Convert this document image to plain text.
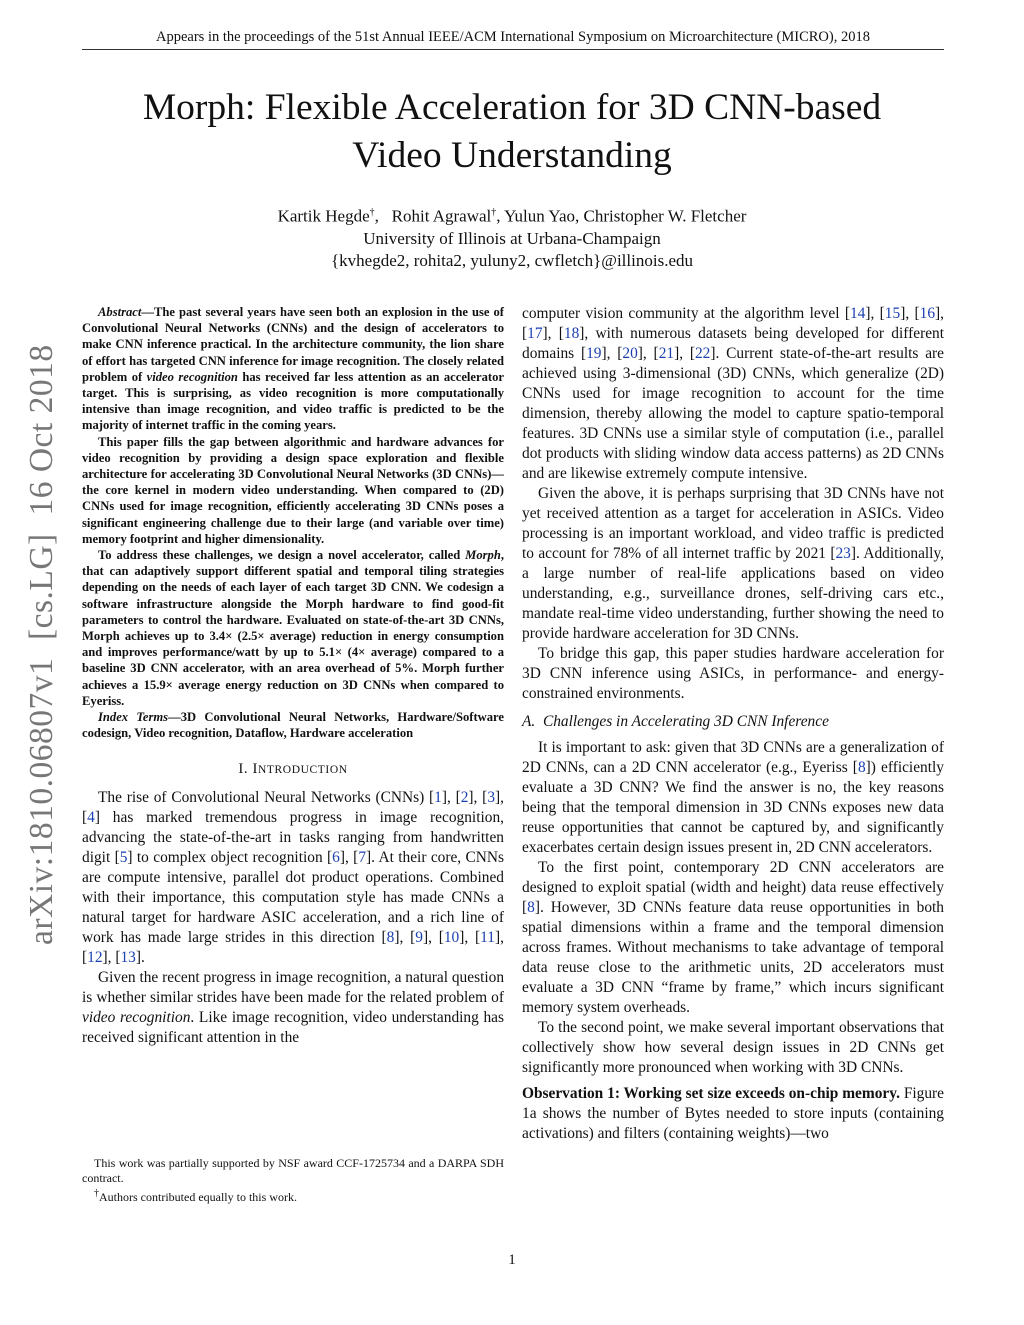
Appears in the proceedings of the 51st Annual IEEE/ACM International Symposium on Microarchitecture (MICRO), 2018
Morph: Flexible Acceleration for 3D CNN-based
Video Understanding
Kartik Hegde†,   Rohit Agrawal†, Yulun Yao, Christopher W. Fletcher
University of Illinois at Urbana-Champaign
{kvhegde2, rohita2, yuluny2, cwfletch}@illinois.edu
arXiv:1810.06807v1  [cs.LG]  16 Oct 2018

Abstract—The past several years have seen both an explosion in the use of Convolutional Neural Networks (CNNs) and the design of accelerators to make CNN inference practical. In the architecture community, the lion share of effort has targeted CNN inference for image recognition. The closely related problem of video recognition has received far less attention as an accelerator target. This is surprising, as video recognition is more computationally intensive than image recognition, and video traffic is predicted to be the majority of internet traffic in the coming years.

This paper fills the gap between algorithmic and hardware advances for video recognition by providing a design space exploration and flexible architecture for accelerating 3D Convolutional Neural Networks (3D CNNs)—the core kernel in modern video understanding. When compared to (2D) CNNs used for image recognition, efficiently accelerating 3D CNNs poses a significant engineering challenge due to their large (and variable over time) memory footprint and higher dimensionality.

To address these challenges, we design a novel accelerator, called Morph, that can adaptively support different spatial and temporal tiling strategies depending on the needs of each layer of each target 3D CNN. We codesign a software infrastructure alongside the Morph hardware to find good-fit parameters to control the hardware. Evaluated on state-of-the-art 3D CNNs, Morph achieves up to 3.4× (2.5× average) reduction in energy consumption and improves performance/watt by up to 5.1× (4× average) compared to a baseline 3D CNN accelerator, with an area overhead of 5%. Morph further achieves a 15.9× average energy reduction on 3D CNNs when compared to Eyeriss.

Index Terms—3D Convolutional Neural Networks, Hardware/Software codesign, Video recognition, Dataflow, Hardware acceleration

I. INTRODUCTION

The rise of Convolutional Neural Networks (CNNs) [1], [2], [3], [4] has marked tremendous progress in image recognition, advancing the state-of-the-art in tasks ranging from handwritten digit [5] to complex object recognition [6], [7]. At their core, CNNs are compute intensive, parallel dot product operations. Combined with their importance, this computation style has made CNNs a natural target for hardware ASIC acceleration, and a rich line of work has made large strides in this direction [8], [9], [10], [11], [12], [13].

Given the recent progress in image recognition, a natural question is whether similar strides have been made for the related problem of video recognition. Like image recognition, video understanding has received significant attention in the

This work was partially supported by NSF award CCF-1725734 and a DARPA SDH contract.

†Authors contributed equally to this work.

computer vision community at the algorithm level [14], [15], [16], [17], [18], with numerous datasets being developed for different domains [19], [20], [21], [22]. Current state-of-the-art results are achieved using 3-dimensional (3D) CNNs, which generalize (2D) CNNs used for image recognition to account for the time dimension, thereby allowing the model to capture spatio-temporal features. 3D CNNs use a similar style of computation (i.e., parallel dot products with sliding window data access patterns) as 2D CNNs and are likewise extremely compute intensive.

Given the above, it is perhaps surprising that 3D CNNs have not yet received attention as a target for acceleration in ASICs. Video processing is an important workload, and video traffic is predicted to account for 78% of all internet traffic by 2021 [23]. Additionally, a large number of real-life applications based on video understanding, e.g., surveillance drones, self-driving cars etc., mandate real-time video understanding, further showing the need to provide hardware acceleration for 3D CNNs.

To bridge this gap, this paper studies hardware acceleration for 3D CNN inference using ASICs, in performance- and energy- constrained environments.

A.  Challenges in Accelerating 3D CNN Inference

It is important to ask: given that 3D CNNs are a generalization of 2D CNNs, can a 2D CNN accelerator (e.g., Eyeriss [8]) efficiently evaluate a 3D CNN? We find the answer is no, the key reasons being that the temporal dimension in 3D CNNs exposes new data reuse opportunities that cannot be captured by, and significantly exacerbates certain design issues present in, 2D CNN accelerators.

To the first point, contemporary 2D CNN accelerators are designed to exploit spatial (width and height) data reuse effectively [8]. However, 3D CNNs feature data reuse opportunities in both spatial dimensions within a frame and the temporal dimension across frames. Without mechanisms to take advantage of temporal data reuse close to the arithmetic units, 2D accelerators must evaluate a 3D CNN “frame by frame,” which incurs significant memory system overheads.

To the second point, we make several important observations that collectively show how several design issues in 2D CNNs get significantly more pronounced when working with 3D CNNs.

Observation 1: Working set size exceeds on-chip memory. Figure 1a shows the number of Bytes needed to store inputs (containing activations) and filters (containing weights)—two

1
